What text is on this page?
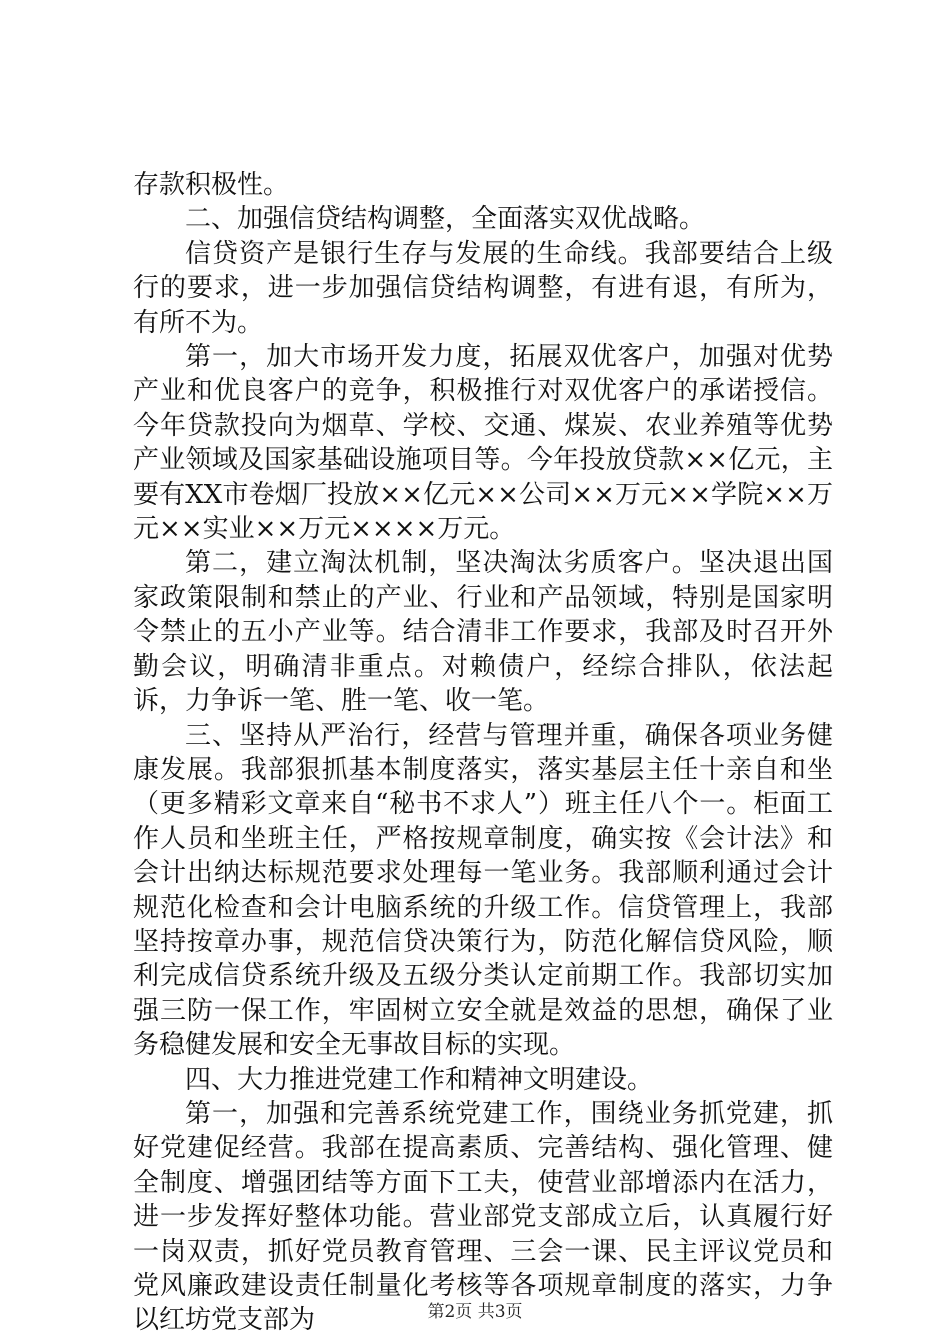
存款积极性。

二、加强信贷结构调整，全面落实双优战略。

信贷资产是银行生存与发展的生命线。我部要结合上级行的要求，进一步加强信贷结构调整，有进有退，有所为，有所不为。

第一，加大市场开发力度，拓展双优客户，加强对优势产业和优良客户的竞争，积极推行对双优客户的承诺授信。今年贷款投向为烟草、学校、交通、煤炭、农业养殖等优势产业领域及国家基础设施项目等。今年投放贷款××亿元，主要有XX市卷烟厂投放××亿元××公司××万元××学院××万元××实业××万元××××万元。

第二，建立淘汰机制，坚决淘汰劣质客户。坚决退出国家政策限制和禁止的产业、行业和产品领域，特别是国家明令禁止的五小产业等。结合清非工作要求，我部及时召开外勤会议，明确清非重点。对赖债户，经综合排队，依法起诉，力争诉一笔、胜一笔、收一笔。

三、坚持从严治行，经营与管理并重，确保各项业务健康发展。我部狠抓基本制度落实，落实基层主任十亲自和坐（更多精彩文章来自“秘书不求人”）班主任八个一。柜面工作人员和坐班主任，严格按规章制度，确实按《会计法》和会计出纳达标规范要求处理每一笔业务。我部顺利通过会计规范化检查和会计电脑系统的升级工作。信贷管理上，我部坚持按章办事，规范信贷决策行为，防范化解信贷风险，顺利完成信贷系统升级及五级分类认定前期工作。我部切实加强三防一保工作，牢固树立安全就是效益的思想，确保了业务稳健发展和安全无事故目标的实现。

四、大力推进党建工作和精神文明建设。

第一，加强和完善系统党建工作，围绕业务抓党建，抓好党建促经营。我部在提高素质、完善结构、强化管理、健全制度、增强团结等方面下工夫，使营业部增添内在活力，进一步发挥好整体功能。营业部党支部成立后，认真履行好一岗双责，抓好党员教育管理、三会一课、民主评议党员和党风廉政建设责任制量化考核等各项规章制度的落实，力争以红坊党支部为	第2页 共3页
